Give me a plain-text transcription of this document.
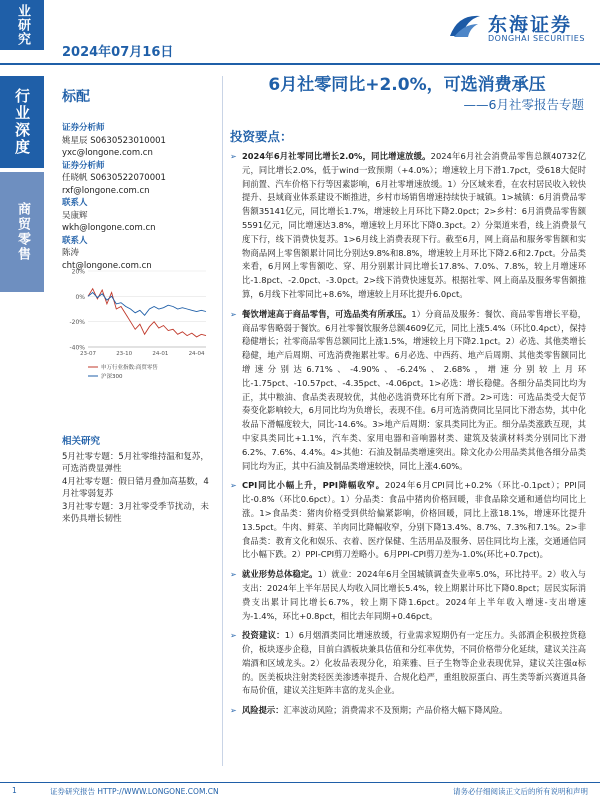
业研究
2024年07月16日
东海证券
DONGHAI SECURITIES
行业深度
商贸零售
标配
证券分析师
姚星辰 S0630523010001
yxc@longone.com.cn
证券分析师
任晓帆 S0630522070001
rxf@longone.com.cn
联系人
吴康辉
wkh@longone.com.cn
联系人
陈涛
cht@longone.com.cn
20%
0%
-20%
-40%
23-07	23-10	24-01	24-04
申万行业指数:商贸零售
沪深300
相关研究
5月社零专题：5月社零维持温和复苏，可选消费显弹性
4月社零专题：假日错月叠加高基数，4月社零弱复苏
3月社零专题：3月社零受季节扰动，未来仍具增长韧性
6月社零同比+2.0%，可选消费承压
——6月社零报告专题
投资要点：
➢ 2024年6月社零同比增长2.0%，同比增速放缓。2024年6月社会消费品零售总额40732亿元，同比增长2.0%，低于wind一致预期（+4.0%）；增速较上月下滑1.7pct，受618大促时间前置、汽车价格下行等因素影响，6月社零增速放缓。1）分区域来看，在农村居民收入较快提升、县域商业体系建设不断推进，乡村市场销售增速持续快于城镇。1>城镇：6月消费品零售额35141亿元，同比增长1.7%，增速较上月环比下降2.0pct；2>乡村：6月消费品零售额5591亿元，同比增速达3.8%，增速较上月环比下降0.3pct。2）分渠道来看，线上消费景气度下行，线下消费快复苏。1>6月线上消费表现下行。截至6月，网上商品和服务零售额和实物商品网上零售额累计同比分别达9.8%和8.8%，增速较上月环比下降2.6和2.7pct。分品类来看，6月网上零售额吃、穿、用分别累计同比增长17.8%、7.0%、7.8%，较上月增速环比-1.8pct、-2.0pct、-3.0pct。2>线下消费快速复苏。根据社零、网上商品及服务零售额推算，6月线下社零同比+8.6%，增速较上月环比提升6.0pct。
➢ 餐饮增速高于商品零售，可选品类有所承压。1）分商品及服务：餐饮、商品零售增长平稳，商品零售略弱于餐饮。6月社零餐饮服务总额4609亿元，同比上涨5.4%（环比0.4pct），保持稳健增长；社零商品零售总额同比上涨1.5%，增速较上月下降2.1pct。2）必选、其他类增长稳健，地产后周期、可选消费拖累社零。6月必选、中西药、地产后周期、其他类零售额同比增速分别达6.71%、-4.90%、-6.24%、2.68%，增速分别较上月环比-1.75pct、-10.57pct、-4.35pct、-4.06pct。1>必选：增长稳健。各细分品类同比均为正，其中粮油、食品类表现较优，其他必选消费环比有所下滑。2>可选：可选品类受大促节奏变化影响较大，6月同比均为负增长，表现不佳。6月可选消费同比呈同比下滑态势，其中化妆品下滑幅度较大，同比-14.6%。3>地产后周期：家具类同比为正。细分品类涨跌互现，其中家具类同比+1.1%，汽车类、家用电器和音响器材类、建筑及装潢材料类分别同比下滑6.2%、7.6%、4.4%。4>其他：石油及制品类增速突出。除文化办公用品类其他各细分品类同比均为正，其中石油及制品类增速较快，同比上涨4.60%。
➢ CPI同比小幅上升，PPI降幅收窄。2024年6月CPI同比+0.2%（环比-0.1pct）；PPI同比-0.8%（环比0.6pct）。1）分品类：食品中猪肉价格回暖，非食品除交通和通信均同比上涨。1>食品类：猪肉价格受到供给偏紧影响，价格回暖，同比上涨18.1%，增速环比提升13.5pct。牛肉、鲜菜、羊肉同比降幅收窄，分别下降13.4%、8.7%、7.3%和7.1%。2>非食品类：教育文化和娱乐、衣着、医疗保健、生活用品及服务、居住同比均上涨，交通通信同比小幅下跌。2）PPI-CPI剪刀差略小。6月PPI-CPI剪刀差为-1.0%(环比+0.7pct)。
➢ 就业形势总体稳定。1）就业：2024年6月全国城镇调查失业率5.0%，环比持平。2）收入与支出：2024年上半年居民人均收入同比增长5.4%，较上期累计环比下降0.8pct；居民实际消费支出累计同比增长6.7%，较上期下降1.6pct。2024年上半年收入增速-支出增速为-1.4%，环比+0.8pct，相比去年同期+0.46pct。
➢ 投资建议：1）6月烟酒类同比增速放缓，行业需求短期仍有一定压力。头部酒企积极控货稳价，板块逐步企稳，目前白酒板块兼具估值和分红率优势，不同价格带分化延续，建议关注高端酒和区域龙头。2）化妆品表现分化，珀莱雅、巨子生物等企业表现优异，建议关注强α标的。医美板块注射类轻医美渗透率提升、合规化趋严，重组胶原蛋白、再生类等新兴赛道具备布局价值，建议关注矩阵丰富的龙头企业。
➢ 风险提示：汇率波动风险；消费需求不及预期；产品价格大幅下降风险。
1	证券研究报告 HTTP://WWW.LONGONE.COM.CN	请务必仔细阅读正文后的所有说明和声明
